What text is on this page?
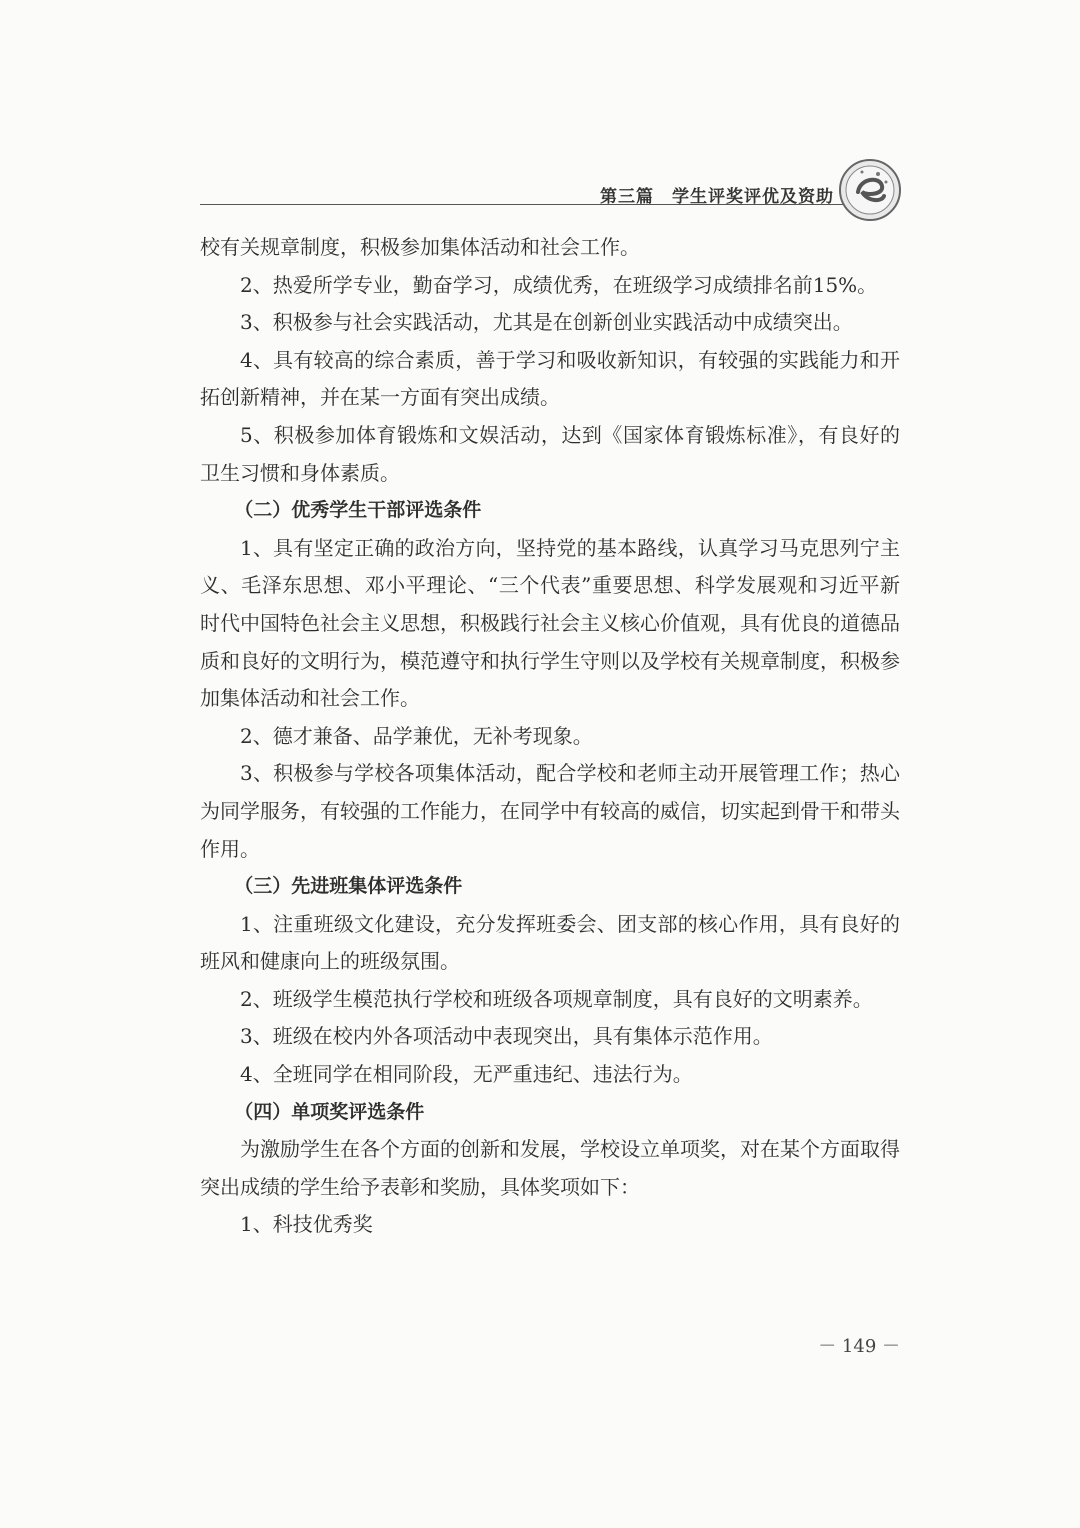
第三篇　学生评奖评优及资助

校有关规章制度，积极参加集体活动和社会工作。

2、热爱所学专业，勤奋学习，成绩优秀，在班级学习成绩排名前15%。

3、积极参与社会实践活动，尤其是在创新创业实践活动中成绩突出。

4、具有较高的综合素质，善于学习和吸收新知识，有较强的实践能力和开拓创新精神，并在某一方面有突出成绩。

5、积极参加体育锻炼和文娱活动，达到《国家体育锻炼标准》，有良好的卫生习惯和身体素质。

（二）优秀学生干部评选条件

1、具有坚定正确的政治方向，坚持党的基本路线，认真学习马克思列宁主义、毛泽东思想、邓小平理论、“三个代表”重要思想、科学发展观和习近平新时代中国特色社会主义思想，积极践行社会主义核心价值观，具有优良的道德品质和良好的文明行为，模范遵守和执行学生守则以及学校有关规章制度，积极参加集体活动和社会工作。

2、德才兼备、品学兼优，无补考现象。

3、积极参与学校各项集体活动，配合学校和老师主动开展管理工作；热心为同学服务，有较强的工作能力，在同学中有较高的威信，切实起到骨干和带头作用。

（三）先进班集体评选条件

1、注重班级文化建设，充分发挥班委会、团支部的核心作用，具有良好的班风和健康向上的班级氛围。

2、班级学生模范执行学校和班级各项规章制度，具有良好的文明素养。

3、班级在校内外各项活动中表现突出，具有集体示范作用。

4、全班同学在相同阶段，无严重违纪、违法行为。

（四）单项奖评选条件

为激励学生在各个方面的创新和发展，学校设立单项奖，对在某个方面取得突出成绩的学生给予表彰和奖励，具体奖项如下：

1、科技优秀奖

－ 149 －
